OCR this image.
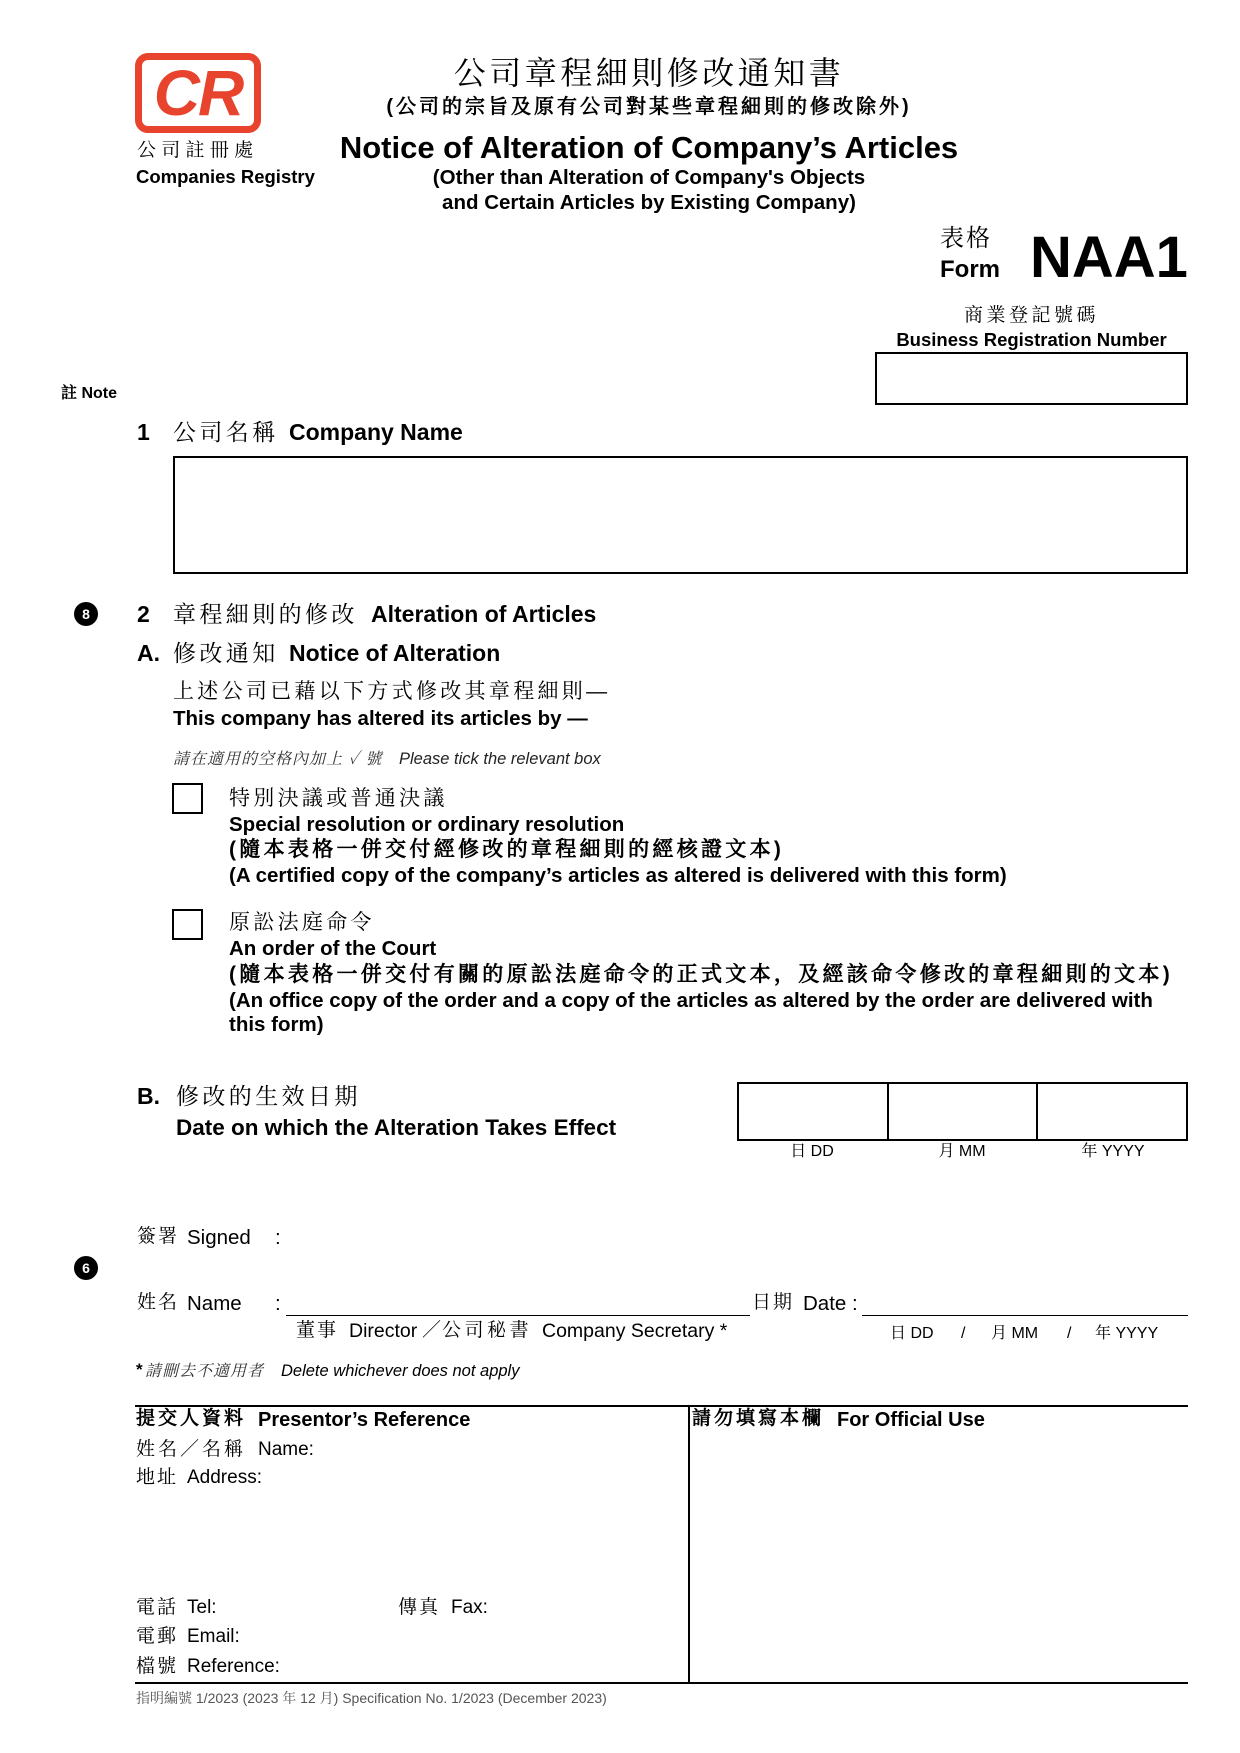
CR
公 司 註 冊 處
Companies Registry
公司章程細則修改通知書
(公司的宗旨及原有公司對某些章程細則的修改除外)
Notice of Alteration of Company’s Articles
(Other than Alteration of Company's Objects
and Certain Articles by Existing Company)
表格
Form NAA1
商業登記號碼
Business Registration Number
註 Note
1 公司名稱 Company Name
8	2 章程細則的修改 Alteration of Articles
A. 修改通知 Notice of Alteration
上述公司已藉以下方式修改其章程細則—
This company has altered its articles by —
請在適用的空格內加上 ✓ 號 Please tick the relevant box
特別決議或普通決議
Special resolution or ordinary resolution
(隨本表格一併交付經修改的章程細則的經核證文本)
(A certified copy of the company’s articles as altered is delivered with this form)
原訟法庭命令
An order of the Court
(隨本表格一併交付有關的原訟法庭命令的正式文本，及經該命令修改的章程細則的文本)
(An office copy of the order and a copy of the articles as altered by the order are delivered with
this form)
B. 修改的生效日期
Date on which the Alteration Takes Effect
日 DD	月 MM	年 YYYY
簽署 Signed :
6
姓名 Name :	日期 Date :
董事 Director ／ 公司秘書 Company Secretary *	日 DD / 月 MM / 年 YYYY
* 請刪去不適用者 Delete whichever does not apply
提交人資料 Presentor’s Reference
姓名／名稱 Name:
地址 Address:
電話 Tel:	傳真 Fax:
電郵 Email:
檔號 Reference:
請勿填寫本欄 For Official Use
指明編號 1/2023 (2023 年 12 月) Specification No. 1/2023 (December 2023)
